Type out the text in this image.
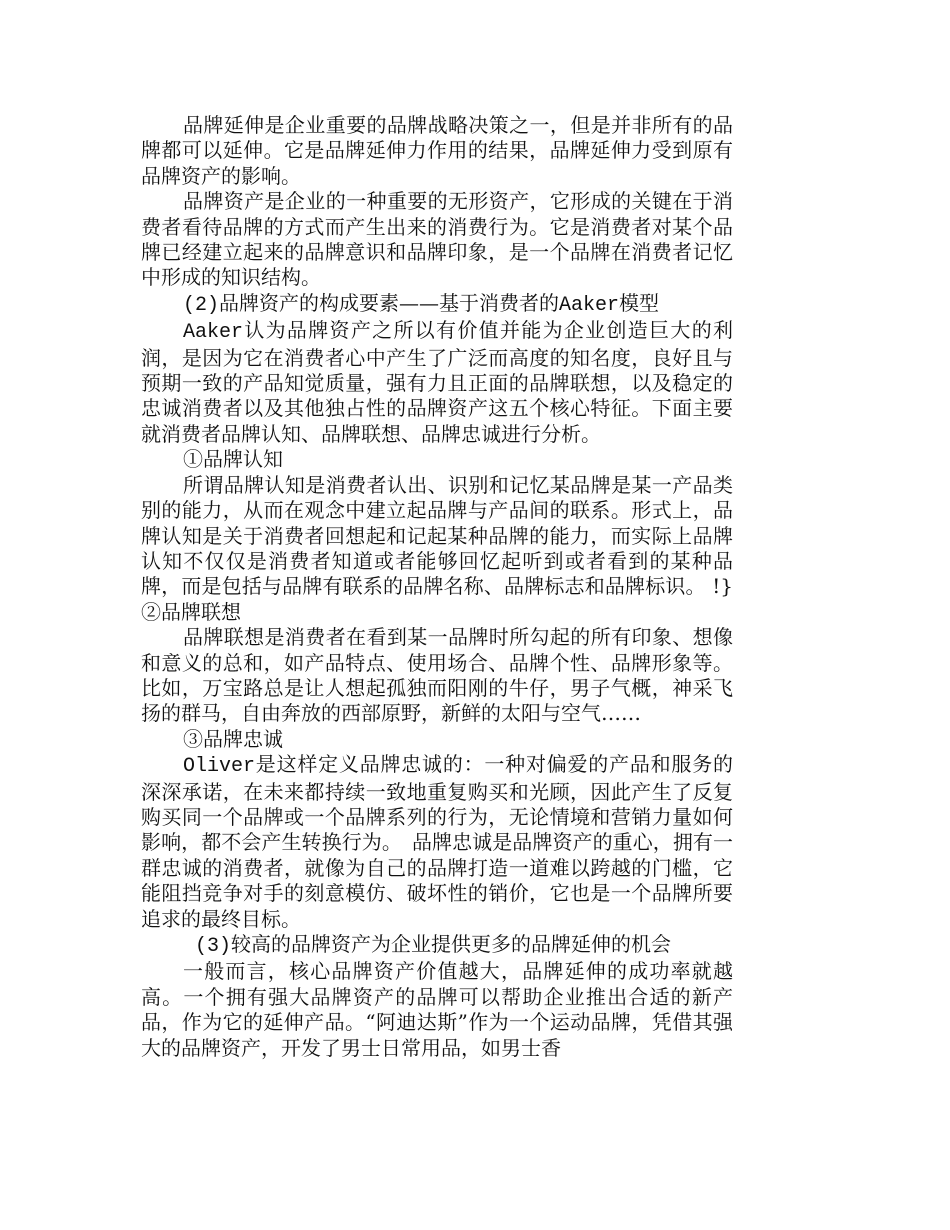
品牌延伸是企业重要的品牌战略决策之一，但是并非所有的品牌都可以延伸。它是品牌延伸力作用的结果，品牌延伸力受到原有品牌资产的影响。

品牌资产是企业的一种重要的无形资产，它形成的关键在于消费者看待品牌的方式而产生出来的消费行为。它是消费者对某个品牌已经建立起来的品牌意识和品牌印象，是一个品牌在消费者记忆中形成的知识结构。

(2)品牌资产的构成要素——基于消费者的Aaker模型

Aaker认为品牌资产之所以有价值并能为企业创造巨大的利润，是因为它在消费者心中产生了广泛而高度的知名度，良好且与预期一致的产品知觉质量，强有力且正面的品牌联想，以及稳定的忠诚消费者以及其他独占性的品牌资产这五个核心特征。下面主要就消费者品牌认知、品牌联想、品牌忠诚进行分析。

①品牌认知

所谓品牌认知是消费者认出、识别和记忆某品牌是某一产品类别的能力，从而在观念中建立起品牌与产品间的联系。形式上，品牌认知是关于消费者回想起和记起某种品牌的能力，而实际上品牌认知不仅仅是消费者知道或者能够回忆起听到或者看到的某种品牌，而是包括与品牌有联系的品牌名称、品牌标志和品牌标识。 !} ②品牌联想

品牌联想是消费者在看到某一品牌时所勾起的所有印象、想像和意义的总和，如产品特点、使用场合、品牌个性、品牌形象等。比如，万宝路总是让人想起孤独而阳刚的牛仔，男子气概，神采飞扬的群马，自由奔放的西部原野，新鲜的太阳与空气……

③品牌忠诚

Oliver是这样定义品牌忠诚的：一种对偏爱的产品和服务的深深承诺，在未来都持续一致地重复购买和光顾，因此产生了反复购买同一个品牌或一个品牌系列的行为，无论情境和营销力量如何影响，都不会产生转换行为。　品牌忠诚是品牌资产的重心，拥有一群忠诚的消费者，就像为自己的品牌打造一道难以跨越的门槛，它能阻挡竞争对手的刻意模仿、破坏性的销价，它也是一个品牌所要追求的最终目标。

(3)较高的品牌资产为企业提供更多的品牌延伸的机会

一般而言，核心品牌资产价值越大，品牌延伸的成功率就越高。一个拥有强大品牌资产的品牌可以帮助企业推出合适的新产品，作为它的延伸产品。“阿迪达斯”作为一个运动品牌，凭借其强大的品牌资产，开发了男士日常用品，如男士香
